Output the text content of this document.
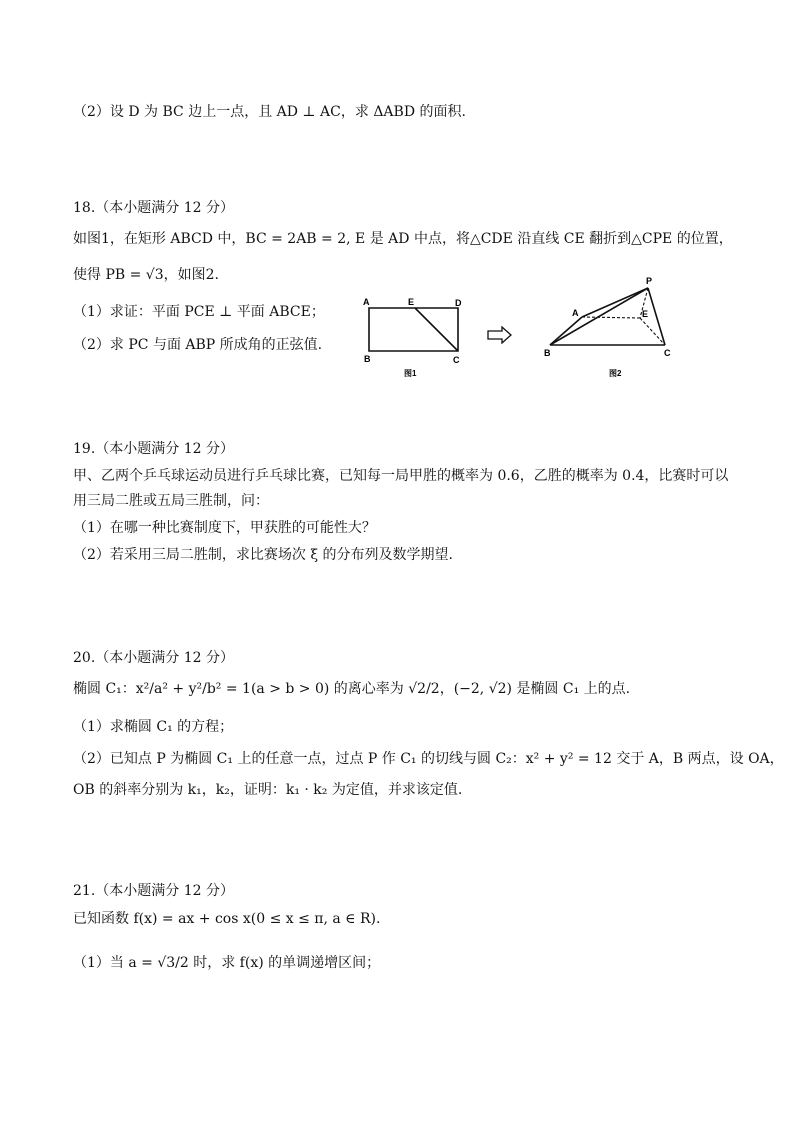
（2）设 D 为 BC 边上一点，且 AD ⊥ AC，求 ΔABD 的面积.
18.（本小题满分 12 分）
如图1，在矩形 ABCD 中，BC = 2AB = 2, E 是 AD 中点，将△CDE 沿直线 CE 翻折到△CPE 的位置，
使得 PB = √3，如图2.
（1）求证：平面 PCE ⊥ 平面 ABCE；
（2）求 PC 与面 ABP 所成角的正弦值.
A	E	D
B	C
图1
P
A	E
B	C
图2
19.（本小题满分 12 分）
甲、乙两个乒乓球运动员进行乒乓球比赛，已知每一局甲胜的概率为 0.6，乙胜的概率为 0.4，比赛时可以
用三局二胜或五局三胜制，问：
（1）在哪一种比赛制度下，甲获胜的可能性大？
（2）若采用三局二胜制，求比赛场次 ξ 的分布列及数学期望.
20.（本小题满分 12 分）
椭圆 C₁：x²/a² + y²/b² = 1(a > b > 0) 的离心率为 √2/2，(−2, √2) 是椭圆 C₁ 上的点.
（1）求椭圆 C₁ 的方程；
（2）已知点 P 为椭圆 C₁ 上的任意一点，过点 P 作 C₁ 的切线与圆 C₂：x² + y² = 12 交于 A，B 两点，设 OA，
OB 的斜率分别为 k₁，k₂，证明：k₁ · k₂ 为定值，并求该定值.
21.（本小题满分 12 分）
已知函数 f(x) = ax + cos x(0 ≤ x ≤ π, a ∈ R).
（1）当 a = √3/2 时，求 f(x) 的单调递增区间；
